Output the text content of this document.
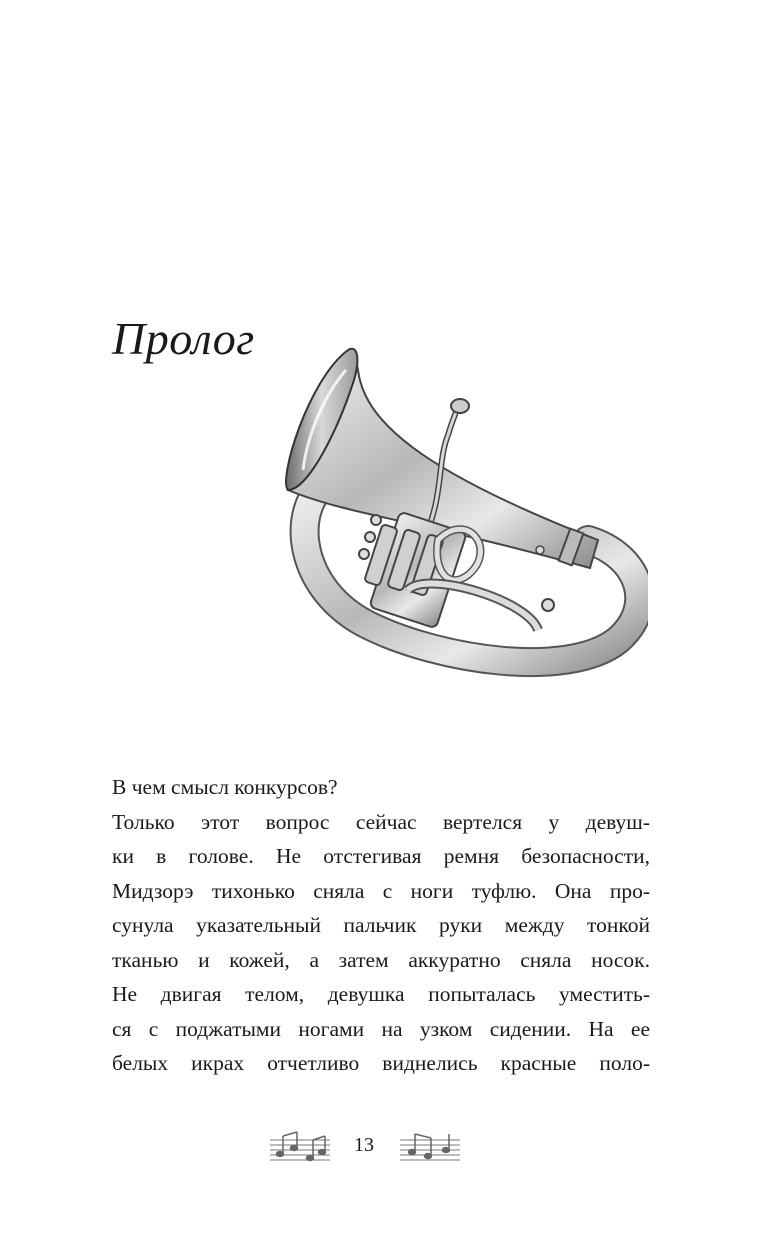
Пролог
В чем смысл конкурсов?
Только этот вопрос сейчас вертелся у девуш-
ки в голове. Не отстегивая ремня безопасности,
Мидзорэ тихонько сняла с ноги туфлю. Она про-
сунула указательный пальчик руки между тонкой
тканью и кожей, а затем аккуратно сняла носок.
Не двигая телом, девушка попыталась уместить-
ся с поджатыми ногами на узком сидении. На ее
белых икрах отчетливо виднелись красные поло-
13
